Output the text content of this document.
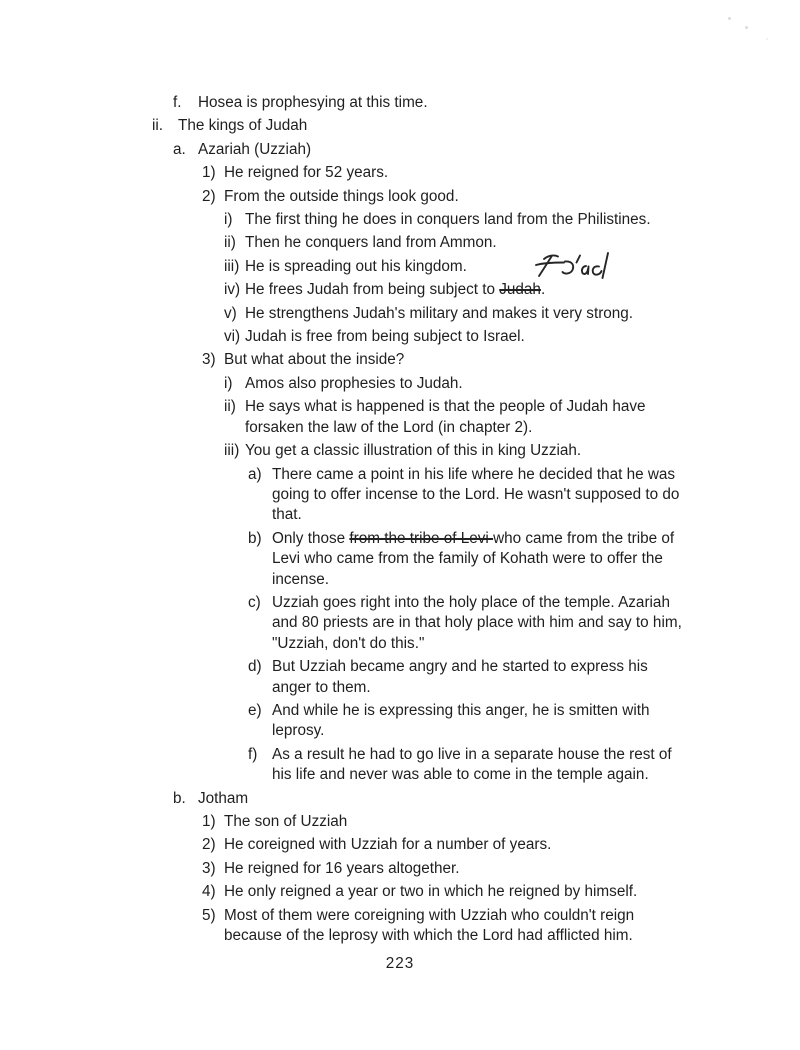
f. Hosea is prophesying at this time.
ii. The kings of Judah
a. Azariah (Uzziah)
1) He reigned for 52 years.
2) From the outside things look good.
i) The first thing he does in conquers land from the Philistines.
ii) Then he conquers land from Ammon.
iii) He is spreading out his kingdom.
iv) He frees Judah from being subject to Judah.
v) He strengthens Judah's military and makes it very strong.
vi) Judah is free from being subject to Israel.
3) But what about the inside?
i) Amos also prophesies to Judah.
ii) He says what is happened is that the people of Judah have
forsaken the law of the Lord (in chapter 2).
iii) You get a classic illustration of this in king Uzziah.
a) There came a point in his life where he decided that he was
going to offer incense to the Lord. He wasn't supposed to do
that.
b) Only those from the tribe of Levi who came from the tribe of
Levi who came from the family of Kohath were to offer the
incense.
c) Uzziah goes right into the holy place of the temple. Azariah
and 80 priests are in that holy place with him and say to him,
"Uzziah, don't do this."
d) But Uzziah became angry and he started to express his
anger to them.
e) And while he is expressing this anger, he is smitten with
leprosy.
f) As a result he had to go live in a separate house the rest of
his life and never was able to come in the temple again.
b. Jotham
1) The son of Uzziah
2) He coreigned with Uzziah for a number of years.
3) He reigned for 16 years altogether.
4) He only reigned a year or two in which he reigned by himself.
5) Most of them were coreigning with Uzziah who couldn't reign
because of the leprosy with which the Lord had afflicted him.
223
